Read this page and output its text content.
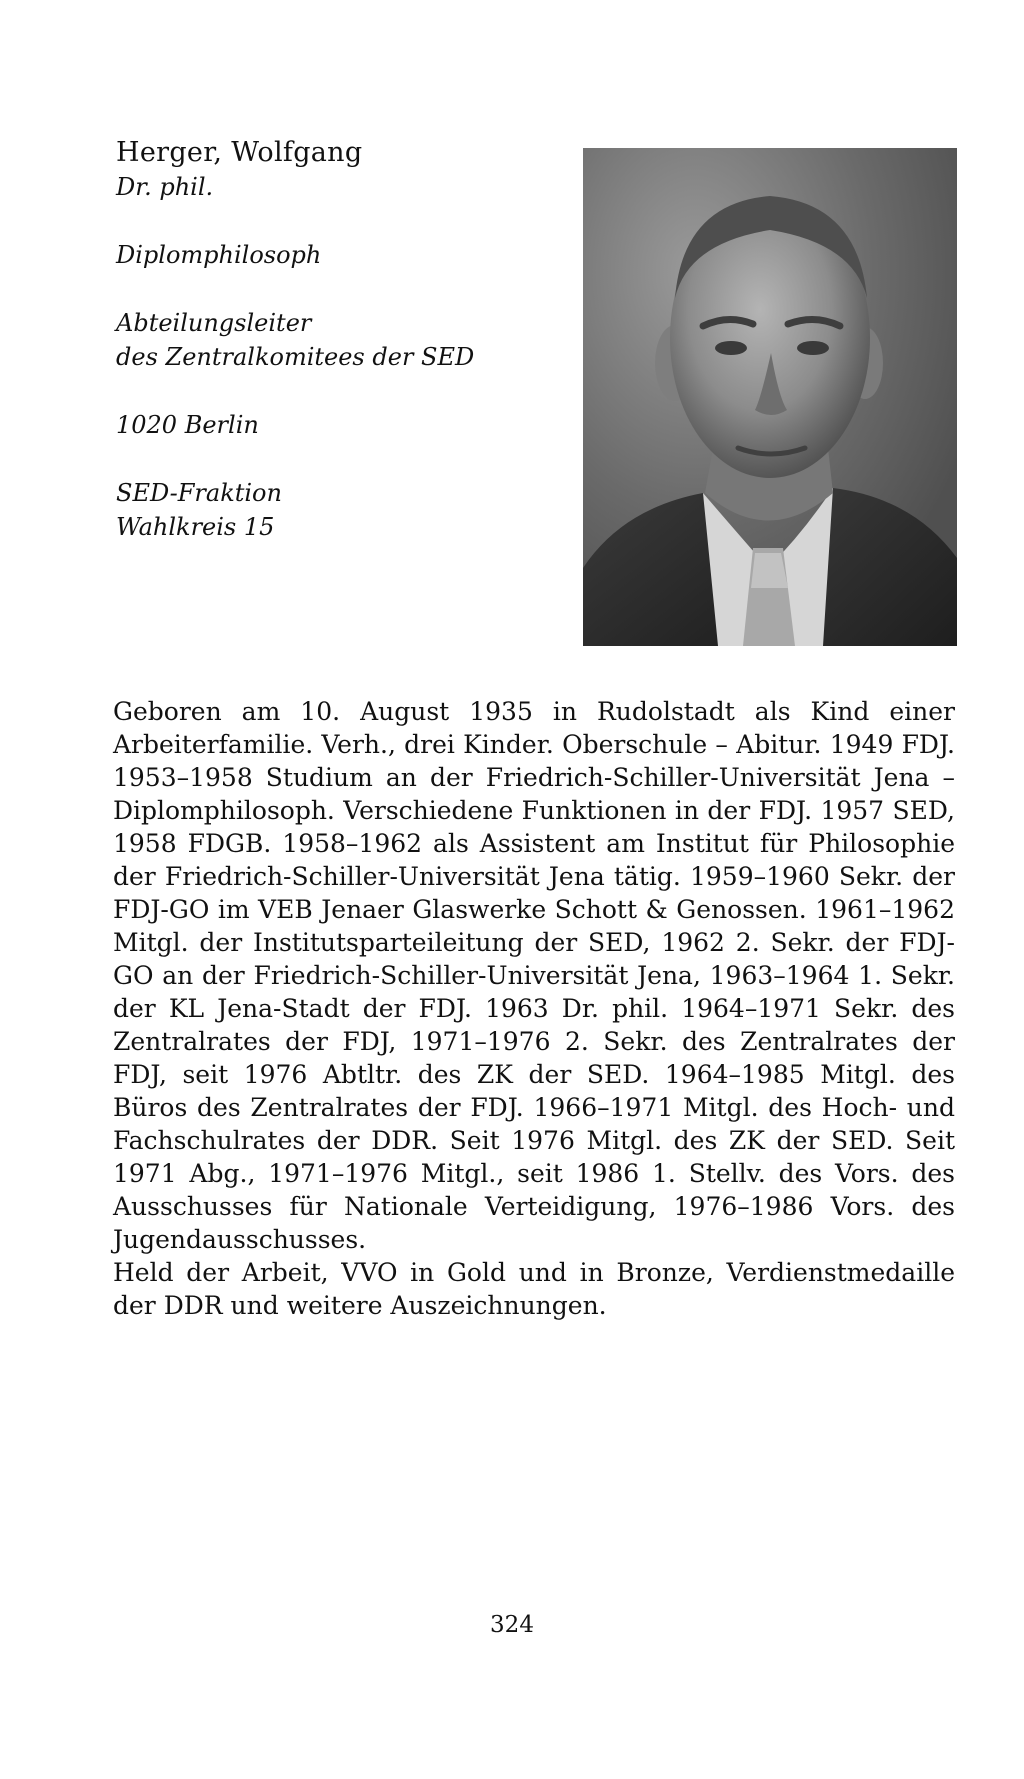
Herger, Wolfgang

Dr. phil.

Diplomphilosoph

Abteilungsleiter

des Zentralkomitees der SED

1020 Berlin

SED-Fraktion

Wahlkreis 15

Geboren am 10. August 1935 in Rudolstadt als Kind einer Arbeiterfamilie. Verh., drei Kinder. Oberschule – Abitur. 1949 FDJ. 1953–1958 Studium an der Friedrich-Schiller-Universität Jena – Diplomphilosoph. Verschiedene Funktionen in der FDJ. 1957 SED, 1958 FDGB. 1958–1962 als Assistent am Institut für Philosophie der Friedrich-Schiller-Universität Jena tätig. 1959–1960 Sekr. der FDJ-GO im VEB Jenaer Glaswerke Schott & Genossen. 1961–1962 Mitgl. der Institutsparteileitung der SED, 1962 2. Sekr. der FDJ-GO an der Friedrich-Schiller-Universität Jena, 1963–1964 1. Sekr. der KL Jena-Stadt der FDJ. 1963 Dr. phil. 1964–1971 Sekr. des Zentralrates der FDJ, 1971–1976 2. Sekr. des Zentralrates der FDJ, seit 1976 Abtltr. des ZK der SED. 1964–1985 Mitgl. des Büros des Zentralrates der FDJ. 1966–1971 Mitgl. des Hoch- und Fachschulrates der DDR. Seit 1976 Mitgl. des ZK der SED. Seit 1971 Abg., 1971–1976 Mitgl., seit 1986 1. Stellv. des Vors. des Ausschusses für Nationale Verteidigung, 1976–1986 Vors. des Jugendausschusses.

Held der Arbeit, VVO in Gold und in Bronze, Verdienstmedaille der DDR und weitere Auszeichnungen.

324
